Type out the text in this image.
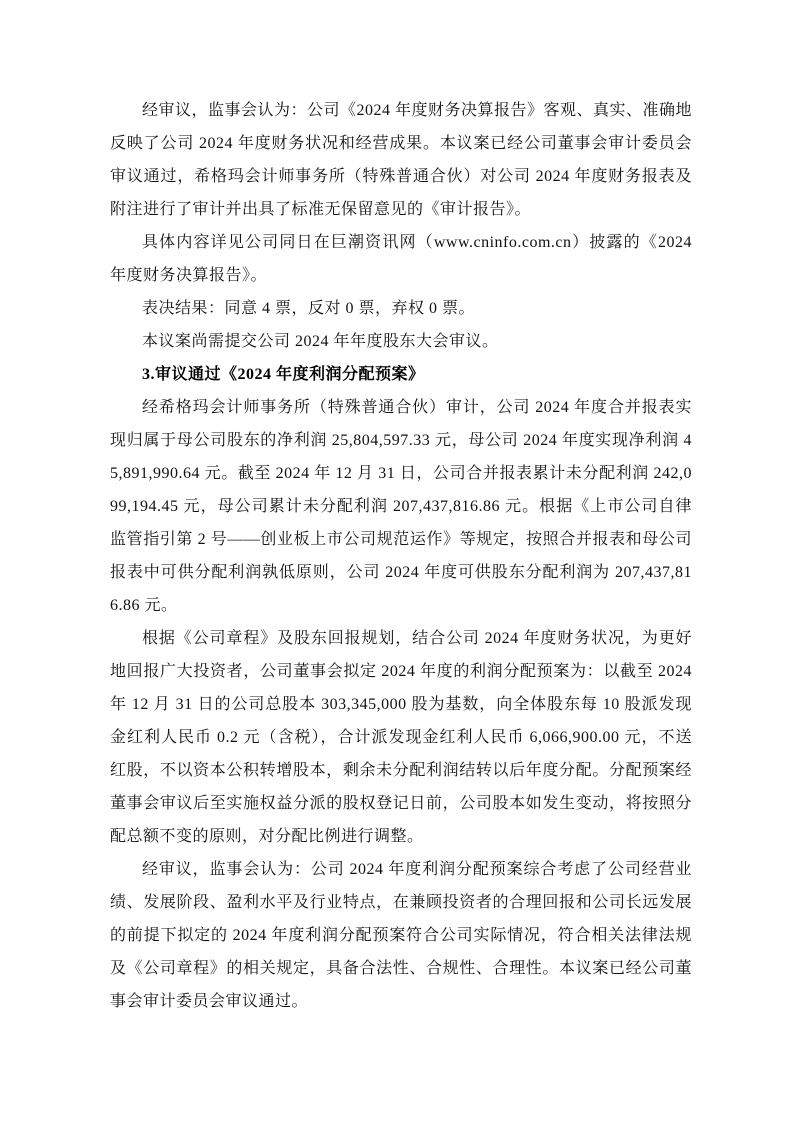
经审议，监事会认为：公司《2024 年度财务决算报告》客观、真实、准确地反映了公司 2024 年度财务状况和经营成果。本议案已经公司董事会审计委员会审议通过，希格玛会计师事务所（特殊普通合伙）对公司 2024 年度财务报表及附注进行了审计并出具了标准无保留意见的《审计报告》。

具体内容详见公司同日在巨潮资讯网（www.cninfo.com.cn）披露的《2024年度财务决算报告》。

表决结果：同意 4 票，反对 0 票，弃权 0 票。

本议案尚需提交公司 2024 年年度股东大会审议。

3.审议通过《2024 年度利润分配预案》

经希格玛会计师事务所（特殊普通合伙）审计，公司 2024 年度合并报表实现归属于母公司股东的净利润 25,804,597.33 元，母公司 2024 年度实现净利润 45,891,990.64 元。截至 2024 年 12 月 31 日，公司合并报表累计未分配利润 242,099,194.45 元，母公司累计未分配利润 207,437,816.86 元。根据《上市公司自律监管指引第 2 号——创业板上市公司规范运作》等规定，按照合并报表和母公司报表中可供分配利润孰低原则，公司 2024 年度可供股东分配利润为 207,437,816.86 元。

根据《公司章程》及股东回报规划，结合公司 2024 年度财务状况，为更好地回报广大投资者，公司董事会拟定 2024 年度的利润分配预案为：以截至 2024 年 12 月 31 日的公司总股本 303,345,000 股为基数，向全体股东每 10 股派发现金红利人民币 0.2 元（含税），合计派发现金红利人民币 6,066,900.00 元，不送红股，不以资本公积转增股本，剩余未分配利润结转以后年度分配。分配预案经董事会审议后至实施权益分派的股权登记日前，公司股本如发生变动，将按照分配总额不变的原则，对分配比例进行调整。

经审议，监事会认为：公司 2024 年度利润分配预案综合考虑了公司经营业绩、发展阶段、盈利水平及行业特点，在兼顾投资者的合理回报和公司长远发展的前提下拟定的 2024 年度利润分配预案符合公司实际情况，符合相关法律法规及《公司章程》的相关规定，具备合法性、合规性、合理性。本议案已经公司董事会审计委员会审议通过。
